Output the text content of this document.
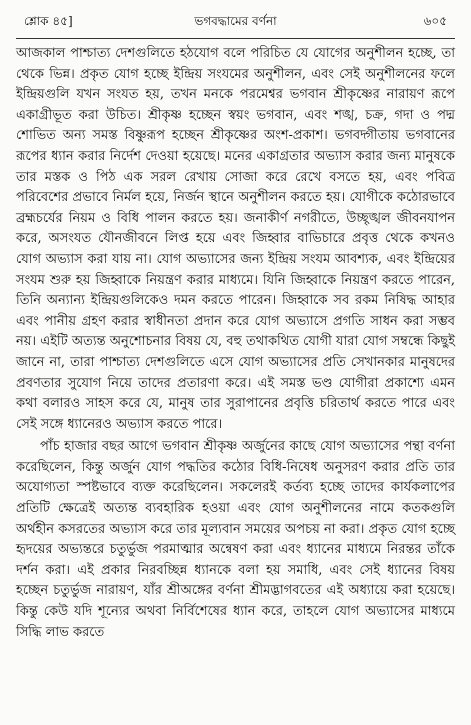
শ্লোক ৪৫]	ভগবদ্ধামের বর্ণনা	৬০৫

আজকাল পাশ্চাত্য দেশগুলিতে হঠযোগ বলে পরিচিত যে যোগের অনুশীলন হচ্ছে, তা থেকে ভিন্ন। প্রকৃত যোগ হচ্ছে ইন্দ্রিয় সংযমের অনুশীলন, এবং সেই অনুশীলনের ফলে ইন্দ্রিয়গুলি যখন সংযত হয়, তখন মনকে পরমেশ্বর ভগবান শ্রীকৃষ্ণের নারায়ণ রূপে একাগ্রীভূত করা উচিত। শ্রীকৃষ্ণ হচ্ছেন স্বয়ং ভগবান, এবং শঙ্খ, চক্র, গদা ও পদ্ম শোভিত অন্য সমস্ত বিষ্ণুরূপ হচ্ছেন শ্রীকৃষ্ণের অংশ-প্রকাশ। ভগবদ্গীতায় ভগবানের রূপের ধ্যান করার নির্দেশ দেওয়া হয়েছে। মনের একাগ্রতার অভ্যাস করার জন্য মানুষকে তার মস্তক ও পিঠ এক সরল রেখায় সোজা করে রেখে বসতে হয়, এবং পবিত্র পরিবেশের প্রভাবে নির্মল হয়ে, নির্জন স্থানে অনুশীলন করতে হয়। যোগীকে কঠোরভাবে ব্রহ্মচর্যের নিয়ম ও বিধি পালন করতে হয়। জনাকীর্ণ নগরীতে, উচ্ছৃঙ্খল জীবনযাপন করে, অসংযত যৌনজীবনে লিপ্ত হয়ে এবং জিহ্বার বাভিচারে প্রবৃত্ত থেকে কখনও যোগ অভ্যাস করা যায় না। যোগ অভ্যাসের জন্য ইন্দ্রিয় সংযম আবশ্যক, এবং ইন্দ্রিয়ের সংযম শুরু হয় জিহ্বাকে নিয়ন্ত্রণ করার মাধ্যমে। যিনি জিহ্বাকে নিয়ন্ত্রণ করতে পারেন, তিনি অন্যান্য ইন্দ্রিয়গুলিকেও দমন করতে পারেন। জিহ্বাকে সব রকম নিষিদ্ধ আহার এবং পানীয় গ্রহণ করার স্বাধীনতা প্রদান করে যোগ অভ্যাসে প্রগতি সাধন করা সম্ভব নয়। এইটি অত্যন্ত অনুশোচনার বিষয় যে, বহু তথাকথিত যোগী যারা যোগ সম্বন্ধে কিছুই জানে না, তারা পাশ্চাত্য দেশগুলিতে এসে যোগ অভ্যাসের প্রতি সেখানকার মানুষদের প্রবণতার সুযোগ নিয়ে তাদের প্রতারণা করে। এই সমস্ত ভণ্ড যোগীরা প্রকাশ্যে এমন কথা বলারও সাহস করে যে, মানুষ তার সুরাপানের প্রবৃত্তি চরিতার্থ করতে পারে এবং সেই সঙ্গে ধ্যানেরও অভ্যাস করতে পারে।

পাঁচ হাজার বছর আগে ভগবান শ্রীকৃষ্ণ অর্জুনের কাছে যোগ অভ্যাসের পন্থা বর্ণনা করেছিলেন, কিন্তু অর্জুন যোগ পদ্ধতির কঠোর বিধি-নিষেধ অনুসরণ করার প্রতি তার অযোগ্যতা স্পষ্টভাবে ব্যক্ত করেছিলেন। সকলেরই কর্তব্য হচ্ছে তাদের কার্যকলাপের প্রতিটি ক্ষেত্রেই অত্যন্ত ব্যবহারিক হওয়া এবং যোগ অনুশীলনের নামে কতকগুলি অর্থহীন কসরতের অভ্যাস করে তার মূল্যবান সময়ের অপচয় না করা। প্রকৃত যোগ হচ্ছে হৃদয়ের অভ্যন্তরে চতুর্ভুজ পরমাত্মার অন্বেষণ করা এবং ধ্যানের মাধ্যমে নিরন্তর তাঁকে দর্শন করা। এই প্রকার নিরবচ্ছিন্ন ধ্যানকে বলা হয় সমাধি, এবং সেই ধ্যানের বিষয় হচ্ছেন চতুর্ভুজ নারায়ণ, যাঁর শ্রীঅঙ্গের বর্ণনা শ্রীমদ্ভাগবতের এই অধ্যায়ে করা হয়েছে। কিন্তু কেউ যদি শূন্যের অথবা নির্বিশেষের ধ্যান করে, তাহলে যোগ অভ্যাসের মাধ্যমে সিদ্ধি লাভ করতে
